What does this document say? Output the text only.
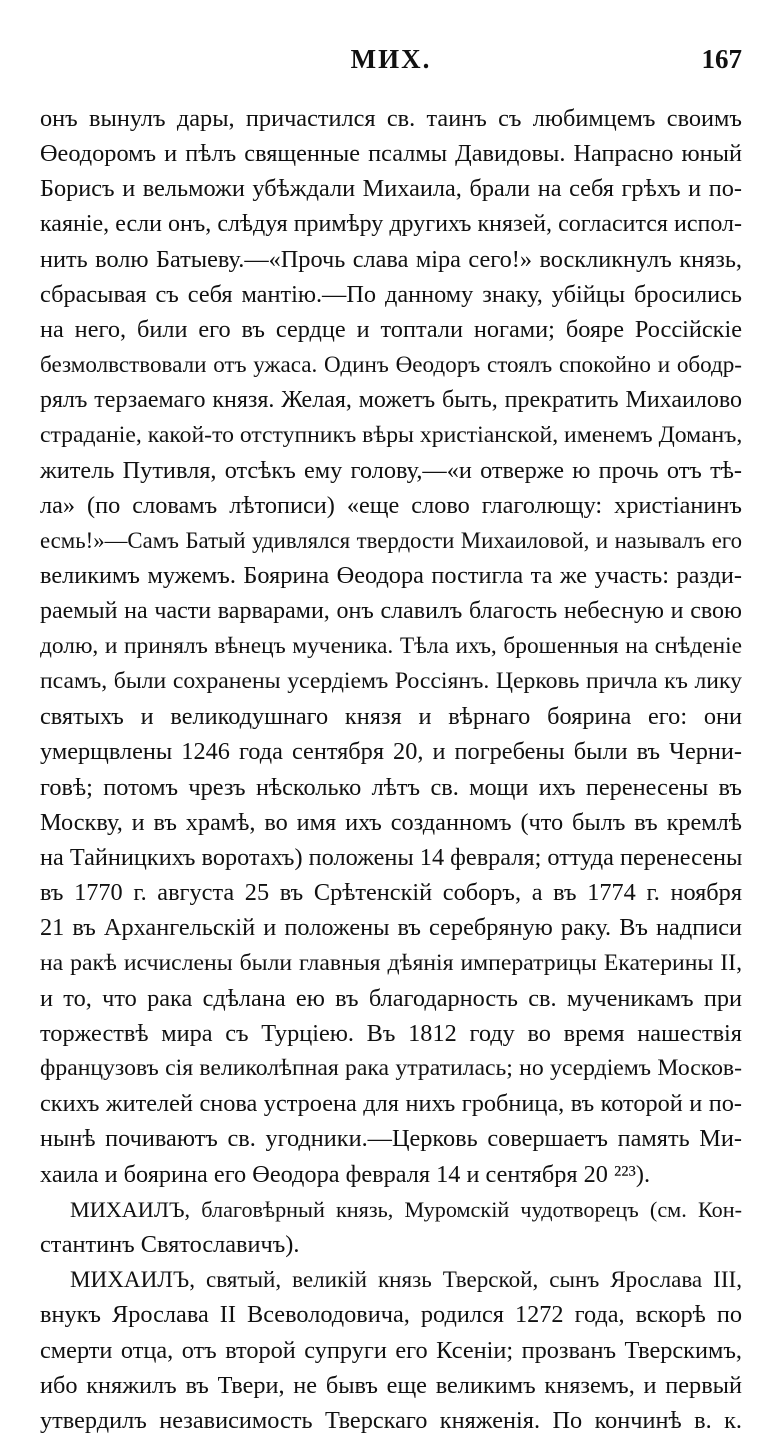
МИХ.	167
онъ вынулъ дары, причастился св. таинъ съ любимцемъ своимъ
Өеодоромъ и пѣлъ священные псалмы Давидовы. Напрасно юный
Борисъ и вельможи убѣждали Михаила, брали на себя грѣхъ и по-
каяніе, если онъ, слѣдуя примѣру другихъ князей, согласится испол-
нить волю Батыеву.—«Прочь слава міра сего!» воскликнулъ князь,
сбрасывая съ себя мантію.—По данному знаку, убійцы бросились
на него, били его въ сердце и топтали ногами; бояре Россійскіе
безмолвствовали отъ ужаса. Одинъ Өеодоръ стоялъ спокойно и ободр-
рялъ терзаемаго князя. Желая, можетъ быть, прекратить Михаилово
страданіе, какой-то отступникъ вѣры христіанской, именемъ Доманъ,
житель Путивля, отсѣкъ ему голову,—«и отверже ю прочь отъ тѣ-
ла» (по словамъ лѣтописи) «еще слово глаголющу: христіанинъ
есмь!»—Самъ Батый удивлялся твердости Михаиловой, и называлъ его
великимъ мужемъ. Боярина Өеодора постигла та же участь: разди-
раемый на части варварами, онъ славилъ благость небесную и свою
долю, и принялъ вѣнецъ мученика. Тѣла ихъ, брошенныя на снѣденіе
псамъ, были сохранены усердіемъ Россіянъ. Церковь причла къ лику
святыхъ и великодушнаго князя и вѣрнаго боярина его: они
умерщвлены 1246 года сентября 20, и погребены были въ Черни-
говѣ; потомъ чрезъ нѣсколько лѣтъ св. мощи ихъ перенесены въ
Москву, и въ храмѣ, во имя ихъ созданномъ (что былъ въ кремлѣ
на Тайницкихъ воротахъ) положены 14 февраля; оттуда перенесены
въ 1770 г. августа 25 въ Срѣтенскій соборъ, а въ 1774 г. ноября
21 въ Архангельскій и положены въ серебряную раку. Въ надписи
на ракѣ исчислены были главныя дѣянія императрицы Екатерины II,
и то, что рака сдѣлана ею въ благодарность св. мученикамъ при
торжествѣ мира съ Турціею. Въ 1812 году во время нашествія
французовъ сія великолѣпная рака утратилась; но усердіемъ Москов-
скихъ жителей снова устроена для нихъ гробница, въ которой и по-
нынѣ почиваютъ св. угодники.—Церковь совершаетъ память Ми-
хаила и боярина его Өеодора февраля 14 и сентября 20 ²²³).
МИХАИЛЪ, благовѣрный князь, Муромскій чудотворецъ (см. Кон-
стантинъ Святославичъ).
МИХАИЛЪ, святый, великій князь Тверской, сынъ Ярослава III,
внукъ Ярослава II Всеволодовича, родился 1272 года, вскорѣ по
смерти отца, отъ второй супруги его Ксеніи; прозванъ Тверскимъ,
ибо княжилъ въ Твери, не бывъ еще великимъ княземъ, и первый
утвердилъ независимость Тверскаго княженія. По кончинѣ в. к.
